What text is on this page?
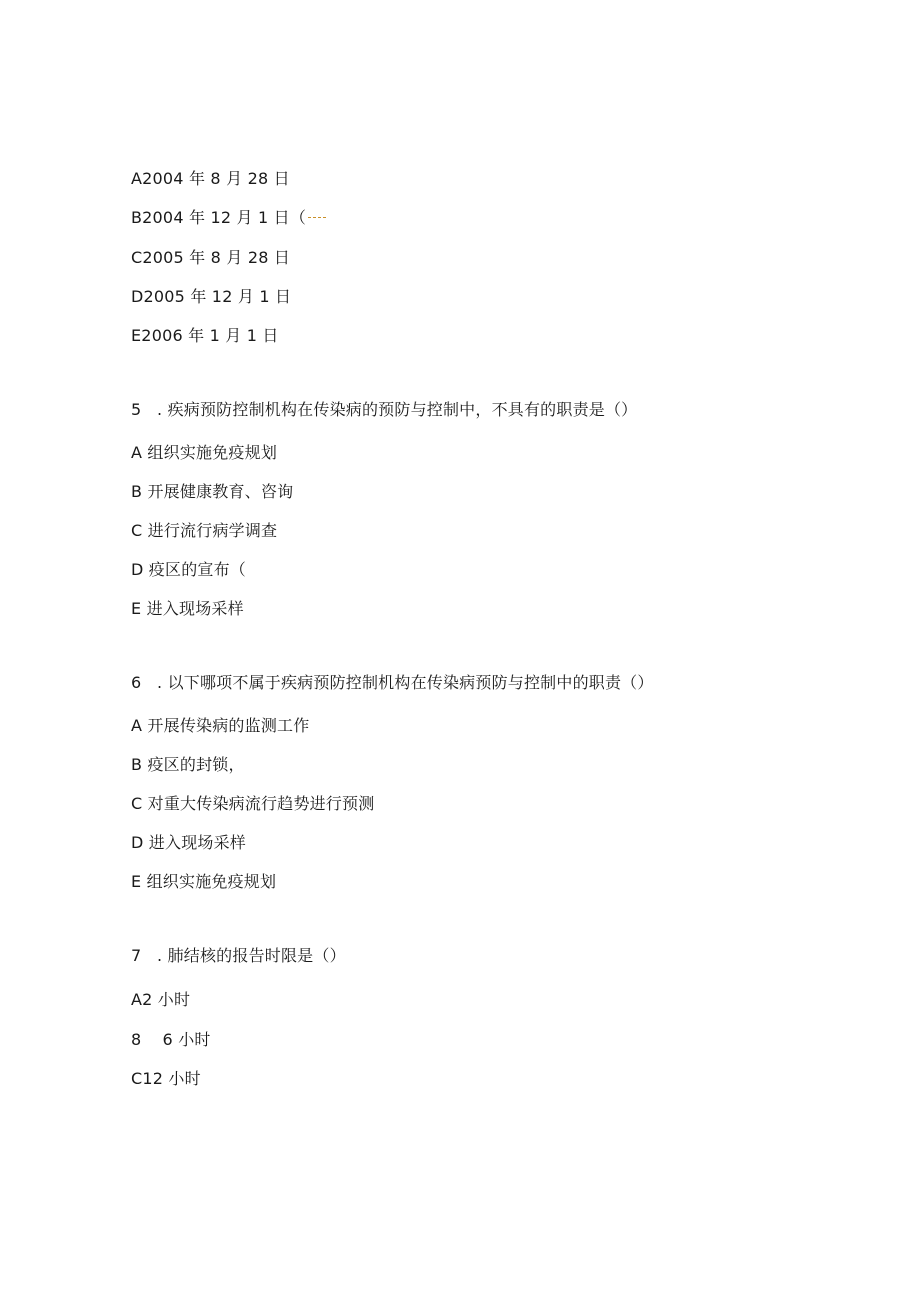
A2004 年 8 月 28 日
B2004 年 12 月 1 日（
C2005 年 8 月 28 日
D2005 年 12 月 1 日
E2006 年 1 月 1 日
5 . 疾病预防控制机构在传染病的预防与控制中，不具有的职责是（）
A 组织实施免疫规划
B 开展健康教育、咨询
C 进行流行病学调查
D 疫区的宣布（
E 进入现场采样
6 . 以下哪项不属于疾病预防控制机构在传染病预防与控制中的职责（）
A 开展传染病的监测工作
B 疫区的封锁，
C 对重大传染病流行趋势进行预测
D 进入现场采样
E 组织实施免疫规划
7 . 肺结核的报告时限是（）
A2 小时
8    6 小时
C12 小时
